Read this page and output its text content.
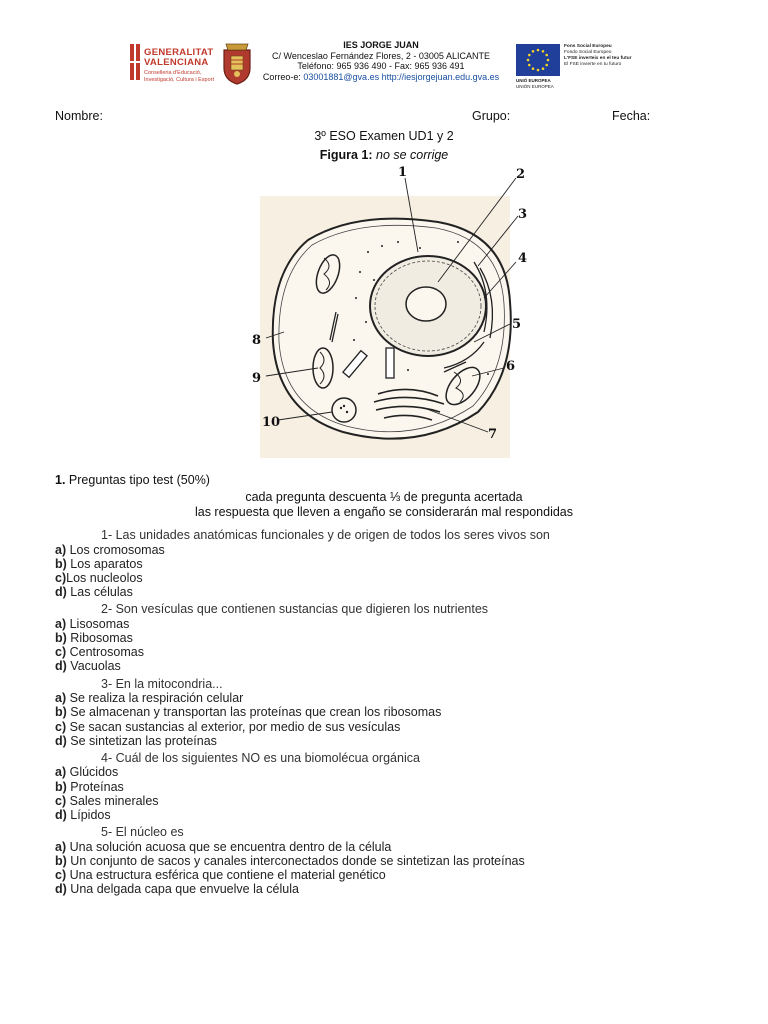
GENERALITAT
VALENCIANA
Conselleria d'Educació,
Investigació, Cultura i Esport
IES JORGE JUAN
C/ Wenceslao Fernández Flores, 2 - 03005 ALICANTE
Teléfono: 965 936 490 - Fax: 965 936 491
Correo-e: 03001881@gva.es http://iesjorgejuan.edu.gva.es
Fons Social Europeu
Fondo Social Europeo
L'FSE inverteix en el teu futur
El FSE invierte en tu futuro
UNIÓ EUROPEA
UNIÓN EUROPEA
Nombre:	Grupo:	Fecha:
3º ESO Examen UD1 y 2
Figura 1: no se corrige
1	2
3
4
5
6
7
8
9
10
1. Preguntas tipo test (50%)
cada pregunta descuenta ⅓ de pregunta acertada
las respuesta que lleven a engaño se considerarán mal respondidas
1- Las unidades anatómicas funcionales y de origen de todos los seres vivos son
a) Los cromosomas
b) Los aparatos
c)Los nucleolos
d) Las células
2- Son vesículas que contienen sustancias que digieren los nutrientes
a) Lisosomas
b) Ribosomas
c) Centrosomas
d) Vacuolas
3- En la mitocondria...
a) Se realiza la respiración celular
b) Se almacenan y transportan las proteínas que crean los ribosomas
c) Se sacan sustancias al exterior, por medio de sus vesículas
d) Se sintetizan las proteínas
4- Cuál de los siguientes NO es una biomolécua orgánica
a) Glúcidos
b) Proteínas
c) Sales minerales
d) Lípidos
5- El núcleo es
a) Una solución acuosa que se encuentra dentro de la célula
b) Un conjunto de sacos y canales interconectados donde se sintetizan las proteínas
c) Una estructura esférica que contiene el material genético
d) Una delgada capa que envuelve la célula
